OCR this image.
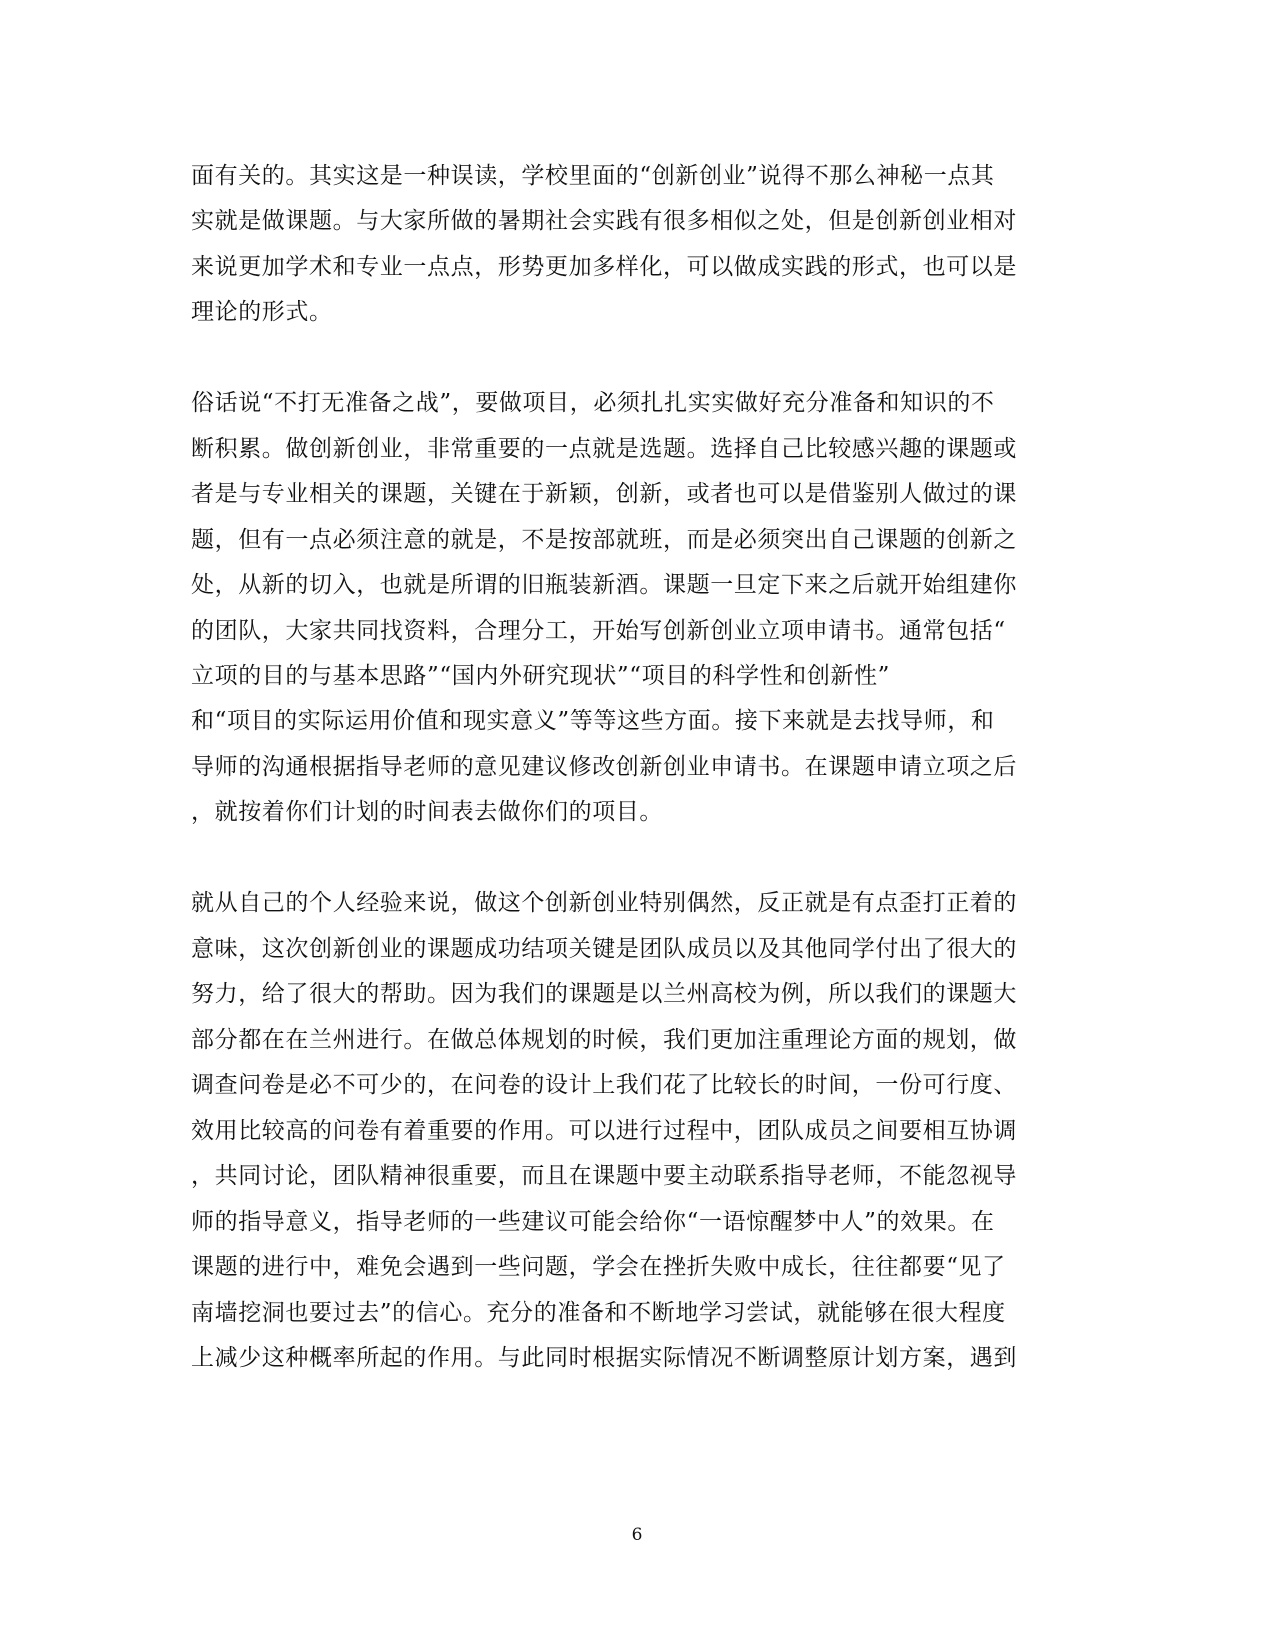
面有关的。其实这是一种误读，学校里面的“创新创业”说得不那么神秘一点其
实就是做课题。与大家所做的暑期社会实践有很多相似之处，但是创新创业相对
来说更加学术和专业一点点，形势更加多样化，可以做成实践的形式，也可以是
理论的形式。
俗话说“不打无准备之战”，要做项目，必须扎扎实实做好充分准备和知识的不
断积累。做创新创业，非常重要的一点就是选题。选择自己比较感兴趣的课题或
者是与专业相关的课题，关键在于新颖，创新，或者也可以是借鉴别人做过的课
题，但有一点必须注意的就是，不是按部就班，而是必须突出自己课题的创新之
处，从新的切入，也就是所谓的旧瓶装新酒。课题一旦定下来之后就开始组建你
的团队，大家共同找资料，合理分工，开始写创新创业立项申请书。通常包括“
立项的目的与基本思路”“国内外研究现状”“项目的科学性和创新性”
和“项目的实际运用价值和现实意义”等等这些方面。接下来就是去找导师，和
导师的沟通根据指导老师的意见建议修改创新创业申请书。在课题申请立项之后
，就按着你们计划的时间表去做你们的项目。
就从自己的个人经验来说，做这个创新创业特别偶然，反正就是有点歪打正着的
意味，这次创新创业的课题成功结项关键是团队成员以及其他同学付出了很大的
努力，给了很大的帮助。因为我们的课题是以兰州高校为例，所以我们的课题大
部分都在在兰州进行。在做总体规划的时候，我们更加注重理论方面的规划，做
调查问卷是必不可少的，在问卷的设计上我们花了比较长的时间，一份可行度、
效用比较高的问卷有着重要的作用。可以进行过程中，团队成员之间要相互协调
，共同讨论，团队精神很重要，而且在课题中要主动联系指导老师，不能忽视导
师的指导意义，指导老师的一些建议可能会给你“一语惊醒梦中人”的效果。在
课题的进行中，难免会遇到一些问题，学会在挫折失败中成长，往往都要“见了
南墙挖洞也要过去”的信心。充分的准备和不断地学习尝试，就能够在很大程度
上减少这种概率所起的作用。与此同时根据实际情况不断调整原计划方案，遇到
6
